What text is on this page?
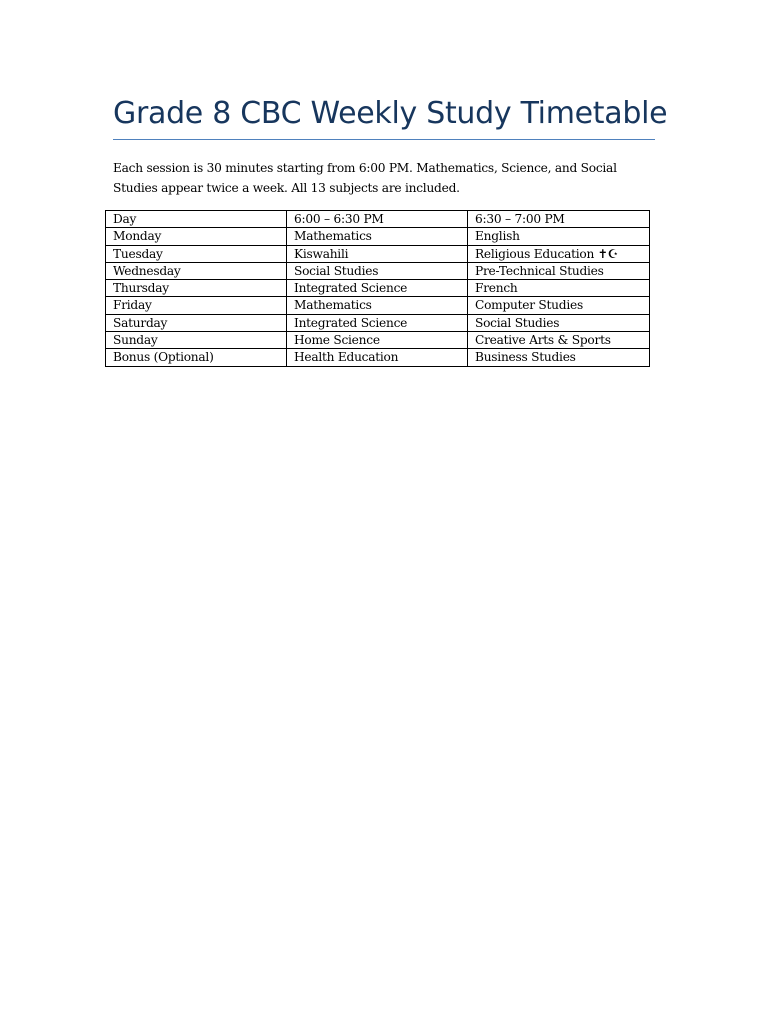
Grade 8 CBC Weekly Study Timetable

Each session is 30 minutes starting from 6:00 PM. Mathematics, Science, and Social Studies appear twice a week. All 13 subjects are included.

Day	6:00 – 6:30 PM	6:30 – 7:00 PM
Monday	Mathematics	English
Tuesday	Kiswahili	Religious Education ✝☪
Wednesday	Social Studies	Pre-Technical Studies
Thursday	Integrated Science	French
Friday	Mathematics	Computer Studies
Saturday	Integrated Science	Social Studies
Sunday	Home Science	Creative Arts & Sports
Bonus (Optional)	Health Education	Business Studies
